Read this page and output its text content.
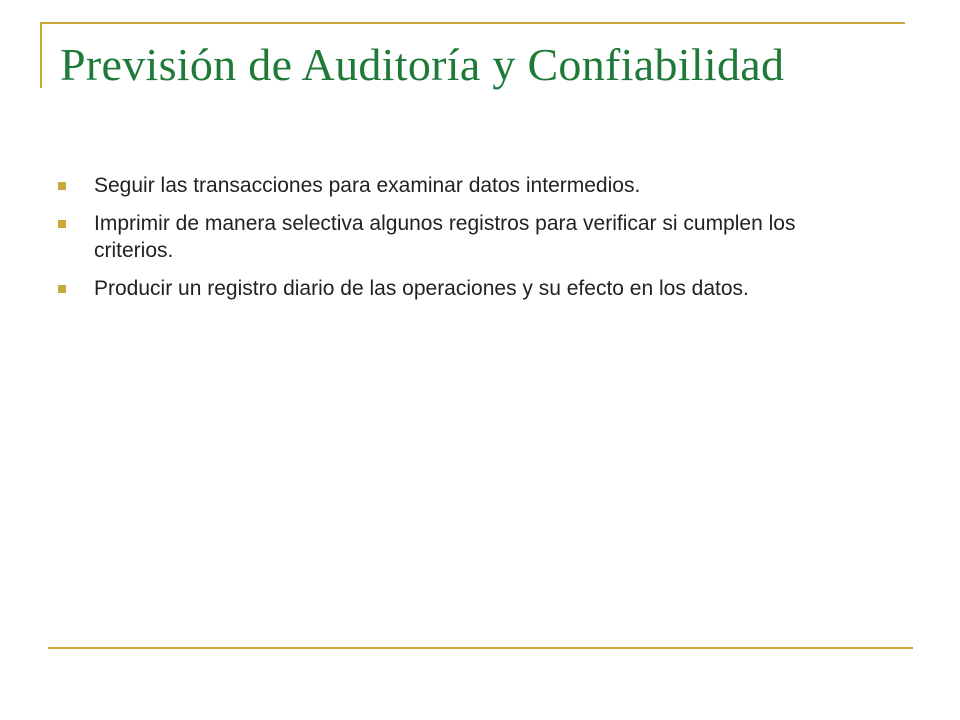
Previsión de Auditoría y Confiabilidad
Seguir las transacciones para examinar datos intermedios.
Imprimir de manera selectiva algunos registros para verificar si cumplen los criterios.
Producir un registro diario de las operaciones y su efecto en los datos.
